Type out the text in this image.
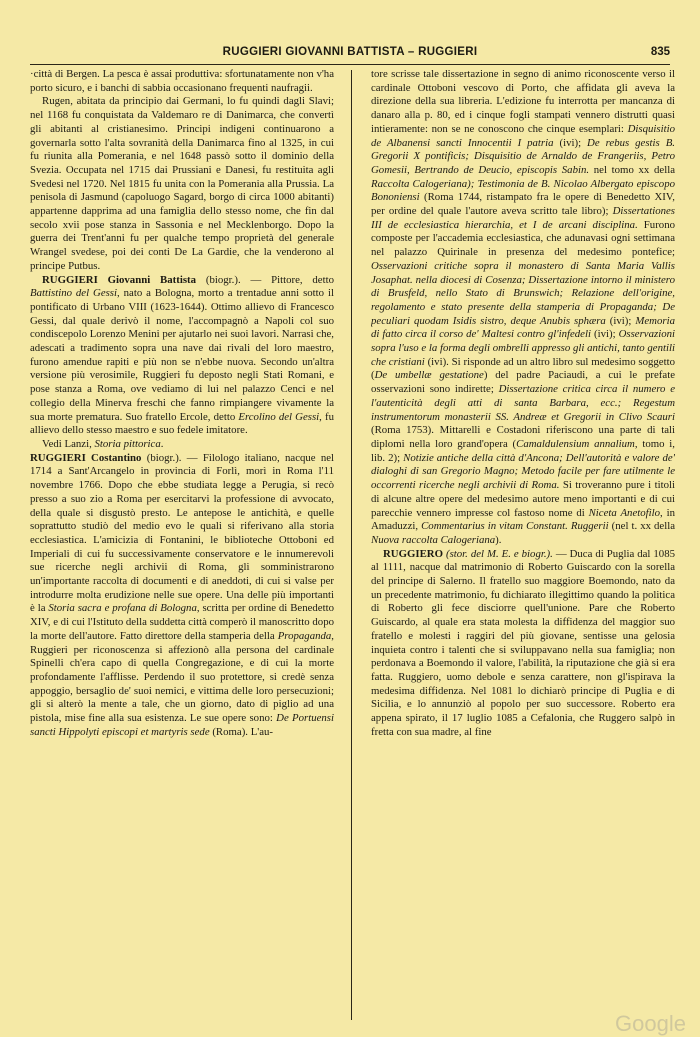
RUGGIERI GIOVANNI BATTISTA – RUGGIERI	835

·città di Bergen. La pesca è assai produttiva: sfortunatamente non v'ha porto sicuro, e i banchi di sabbia occasionano frequenti naufragii.

Rugen, abitata da principio dai Germani, lo fu quindi dagli Slavi; nel 1168 fu conquistata da Valdemaro re di Danimarca, che convertì gli abitanti al cristianesimo. Principi indigeni continuarono a governarla sotto l'alta sovranità della Danimarca fino al 1325, in cui fu riunita alla Pomerania, e nel 1648 passò sotto il dominio della Svezia. Occupata nel 1715 dai Prussiani e Danesi, fu restituita agli Svedesi nel 1720. Nel 1815 fu unita con la Pomerania alla Prussia. La penisola di Jasmund (capoluogo Sagard, borgo di circa 1000 abitanti) appartenne dapprima ad una famiglia dello stesso nome, che fin dal secolo xvii pose stanza in Sassonia e nel Mecklenborgo. Dopo la guerra dei Trent'anni fu per qualche tempo proprietà del generale Wrangel svedese, poi dei conti De La Gardie, che la venderono al principe Putbus.

RUGGIERI Giovanni Battista (biogr.). — Pittore, detto Battistino del Gessi, nato a Bologna, morto a trentadue anni sotto il pontificato di Urbano VIII (1623-1644). Ottimo allievo di Francesco Gessi, dal quale derivò il nome, l'accompagnò a Napoli col suo condiscepolo Lorenzo Menini per ajutarlo nei suoi lavori. Narrasi che, adescati a tradimento sopra una nave dai rivali del loro maestro, furono amendue rapiti e più non se n'ebbe nuova. Secondo un'altra versione più verosimile, Ruggieri fu deposto negli Stati Romani, e pose stanza a Roma, ove vediamo di lui nel palazzo Cenci e nel collegio della Minerva freschi che fanno rimpiangere vivamente la sua morte prematura. Suo fratello Ercole, detto Ercolino del Gessi, fu allievo dello stesso maestro e suo fedele imitatore.

Vedi Lanzi, Storia pittorica.

RUGGIERI Costantino (biogr.). — Filologo italiano, nacque nel 1714 a Sant'Arcangelo in provincia di Forlì, morì in Roma l'11 novembre 1766. Dopo che ebbe studiata legge a Perugia, si recò presso a suo zio a Roma per esercitarvi la professione di avvocato, della quale si disgustò presto. Le antepose le antichità, e quelle soprattutto studiò del medio evo le quali si riferivano alla storia ecclesiastica. L'amicizia di Fontanini, le biblioteche Ottoboni ed Imperiali di cui fu successivamente conservatore e le innumerevoli sue ricerche negli archivii di Roma, gli somministrarono un'importante raccolta di documenti e di aneddoti, di cui si valse per introdurre molta erudizione nelle sue opere. Una delle più importanti è la Storia sacra e profana di Bologna, scritta per ordine di Benedetto XIV, e di cui l'Istituto della suddetta città comperò il manoscritto dopo la morte dell'autore. Fatto direttore della stamperia della Propaganda, Ruggieri per riconoscenza si affezionò alla persona del cardinale Spinelli ch'era capo di quella Congregazione, e di cui la morte profondamente l'afflisse. Perdendo il suo protettore, si credè senza appoggio, bersaglio de' suoi nemici, e vittima delle loro persecuzioni; gli si alterò la mente a tale, che un giorno, dato di piglio ad una pistola, mise fine alla sua esistenza. Le sue opere sono: De Portuensi sancti Hippolyti episcopi et martyris sede (Roma). L'au-

tore scrisse tale dissertazione in segno di animo riconoscente verso il cardinale Ottoboni vescovo di Porto, che affidata gli aveva la direzione della sua libreria. L'edizione fu interrotta per mancanza di danaro alla p. 80, ed i cinque fogli stampati vennero distrutti quasi intieramente: non se ne conoscono che cinque esemplari: Disquisitio de Albanensi sancti Innocentii I patria (ivi); De rebus gestis B. Gregorii X pontificis; Disquisitio de Arnaldo de Frangeriis, Petro Gomesii, Bertrando de Deucio, episcopis Sabin. nel tomo xx della Raccolta Calogeriana); Testimonia de B. Nicolao Albergato episcopo Bononiensi (Roma 1744, ristampato fra le opere di Benedetto XIV, per ordine del quale l'autore aveva scritto tale libro); Dissertationes III de ecclesiastica hierarchia, et I de arcani disciplina. Furono composte per l'accademia ecclesiastica, che adunavasi ogni settimana nel palazzo Quirinale in presenza del medesimo pontefice; Osservazioni critiche sopra il monastero di Santa Maria Vallis Josaphat. nella diocesi di Cosenza; Dissertazione intorno il ministero di Brusfeld, nello Stato di Brunswich; Relazione dell'origine, regolamento e stato presente della stamperia di Propaganda; De peculiari quodam Isidis sistro, deque Anubis sphæra (ivi); Memoria di fatto circa il corso de' Maltesi contro gl'infedeli (ivi); Osservazioni sopra l'uso e la forma degli ombrelli appresso gli antichi, tanto gentili che cristiani (ivi). Si risponde ad un altro libro sul medesimo soggetto (De umbellæ gestatione) del padre Paciaudi, a cui le prefate osservazioni sono indirette; Dissertazione critica circa il numero e l'autenticità degli atti di santa Barbara, ecc.; Regestum instrumentorum monasterii SS. Andreæ et Gregorii in Clivo Scauri (Roma 1753). Mittarelli e Costadoni riferiscono una parte di tali diplomi nella loro grand'opera (Camaldulensium annalium, tomo i, lib. 2); Notizie antiche della città d'Ancona; Dell'autorità e valore de' dialoghi di san Gregorio Magno; Metodo facile per fare utilmente le occorrenti ricerche negli archivii di Roma. Si troveranno pure i titoli di alcune altre opere del medesimo autore meno importanti e di cui parecchie vennero impresse col fastoso nome di Niceta Anetofilo, in Amaduzzi, Commentarius in vitam Constant. Ruggerii (nel t. xx della Nuova raccolta Calogeriana).

RUGGIERO (stor. del M. E. e biogr.). — Duca di Puglia dal 1085 al 1111, nacque dal matrimonio di Roberto Guiscardo con la sorella del principe di Salerno. Il fratello suo maggiore Boemondo, nato da un precedente matrimonio, fu dichiarato illegittimo quando la politica di Roberto gli fece disciorre quell'unione. Pare che Roberto Guiscardo, al quale era stata molesta la diffidenza del maggior suo fratello e molesti i raggiri del più giovane, sentisse una gelosia inquieta contro i talenti che si sviluppavano nella sua famiglia; non perdonava a Boemondo il valore, l'abilità, la riputazione che già si era fatta. Ruggiero, uomo debole e senza carattere, non gl'ispirava la medesima diffidenza. Nel 1081 lo dichiarò principe di Puglia e di Sicilia, e lo annunziò al popolo per suo successore. Roberto era appena spirato, il 17 luglio 1085 a Cefalonia, che Ruggero salpò in fretta con sua madre, al fine

Google
